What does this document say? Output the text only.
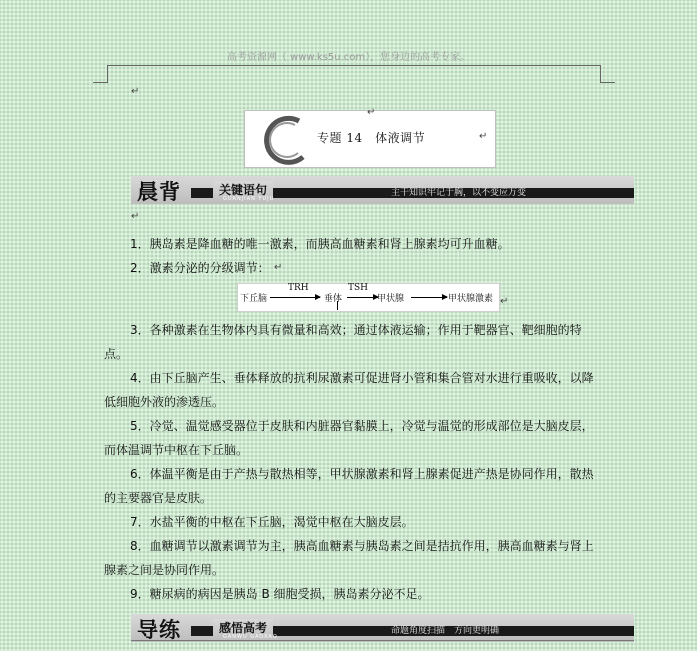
高考资源网（ www.ks5u.com），您身边的高考专家。
↵
专题 14　体液调节
↵
↵
晨背	关键语句
GUANJIAN YUJU
主干知识牢记于胸，以不变应万变
↵

1．胰岛素是降血糖的唯一激素，而胰高血糖素和肾上腺素均可升血糖。

2．激素分泌的分级调节：

3．各种激素在生物体内具有微量和高效；通过体液运输；作用于靶器官、靶细胞的特点。

4．由下丘脑产生、垂体释放的抗利尿激素可促进肾小管和集合管对水进行重吸收，以降低细胞外液的渗透压。

5．冷觉、温觉感受器位于皮肤和内脏器官黏膜上，冷觉与温觉的形成部位是大脑皮层，而体温调节中枢在下丘脑。

6．体温平衡是由于产热与散热相等，甲状腺激素和肾上腺素促进产热是协同作用，散热的主要器官是皮肤。

7．水盐平衡的中枢在下丘脑，渴觉中枢在大脑皮层。

8．血糖调节以激素调节为主，胰高血糖素与胰岛素之间是拮抗作用，胰高血糖素与肾上腺素之间是协同作用。

9．糖尿病的病因是胰岛 B 细胞受损，胰岛素分泌不足。

下丘脑
TRH
垂体
TSH
甲状腺	甲状腺激素
↵
↵
导练	感悟高考
GANWU GAOKAO
命题角度扫描　方向更明确
